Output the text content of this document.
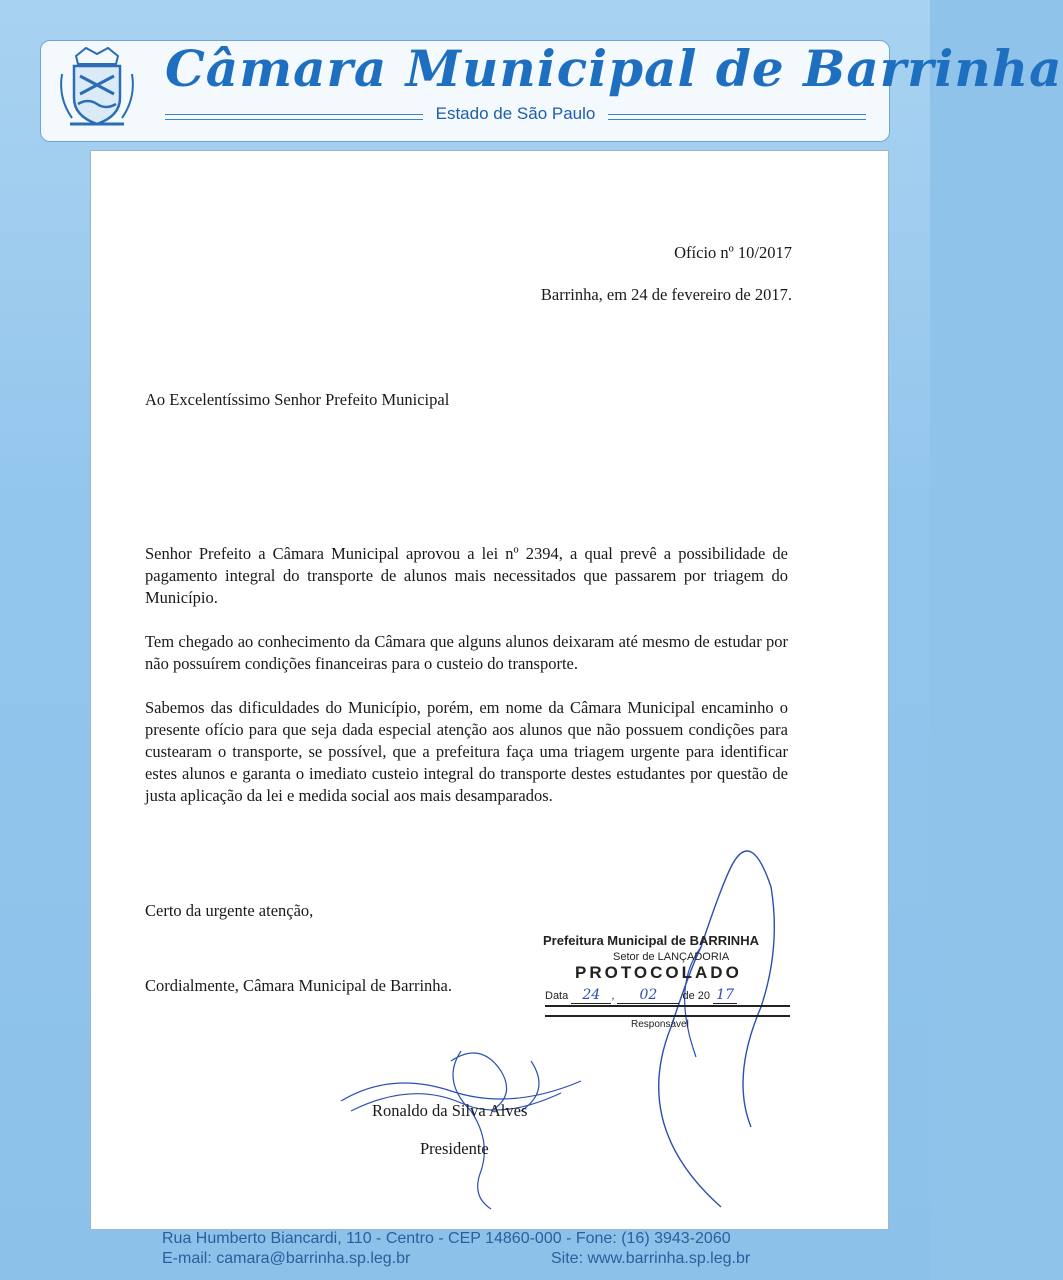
Câmara Municipal de Barrinha
Estado de São Paulo
Ofício nº 10/2017
Barrinha, em 24 de fevereiro de 2017.
Ao Excelentíssimo Senhor Prefeito Municipal

Senhor Prefeito a Câmara Municipal aprovou a lei nº 2394, a qual prevê a possibilidade de pagamento integral do transporte de alunos mais necessitados que passarem por triagem do Município.

Tem chegado ao conhecimento da Câmara que alguns alunos deixaram até mesmo de estudar por não possuírem condições financeiras para o custeio do transporte.

Sabemos das dificuldades do Município, porém, em nome da Câmara Municipal encaminho o presente ofício para que seja dada especial atenção aos alunos que não possuem condições para custearam o transporte, se possível, que a prefeitura faça uma triagem urgente para identificar estes alunos e garanta o imediato custeio integral do transporte destes estudantes por questão de justa aplicação da lei e medida social aos mais desamparados.

Certo da urgente atenção,
Cordialmente, Câmara Municipal de Barrinha.
Ronaldo da Silva Alves
Presidente
Prefeitura Municipal de BARRINHA
Setor de LANÇADORIA
PROTOCOLADO
Data 24 , 02 de 20 17
Responsável
Rua Humberto Biancardi, 110 - Centro - CEP 14860-000 - Fone: (16) 3943-2060
E-mail: camara@barrinha.sp.leg.br	Site: www.barrinha.sp.leg.br
